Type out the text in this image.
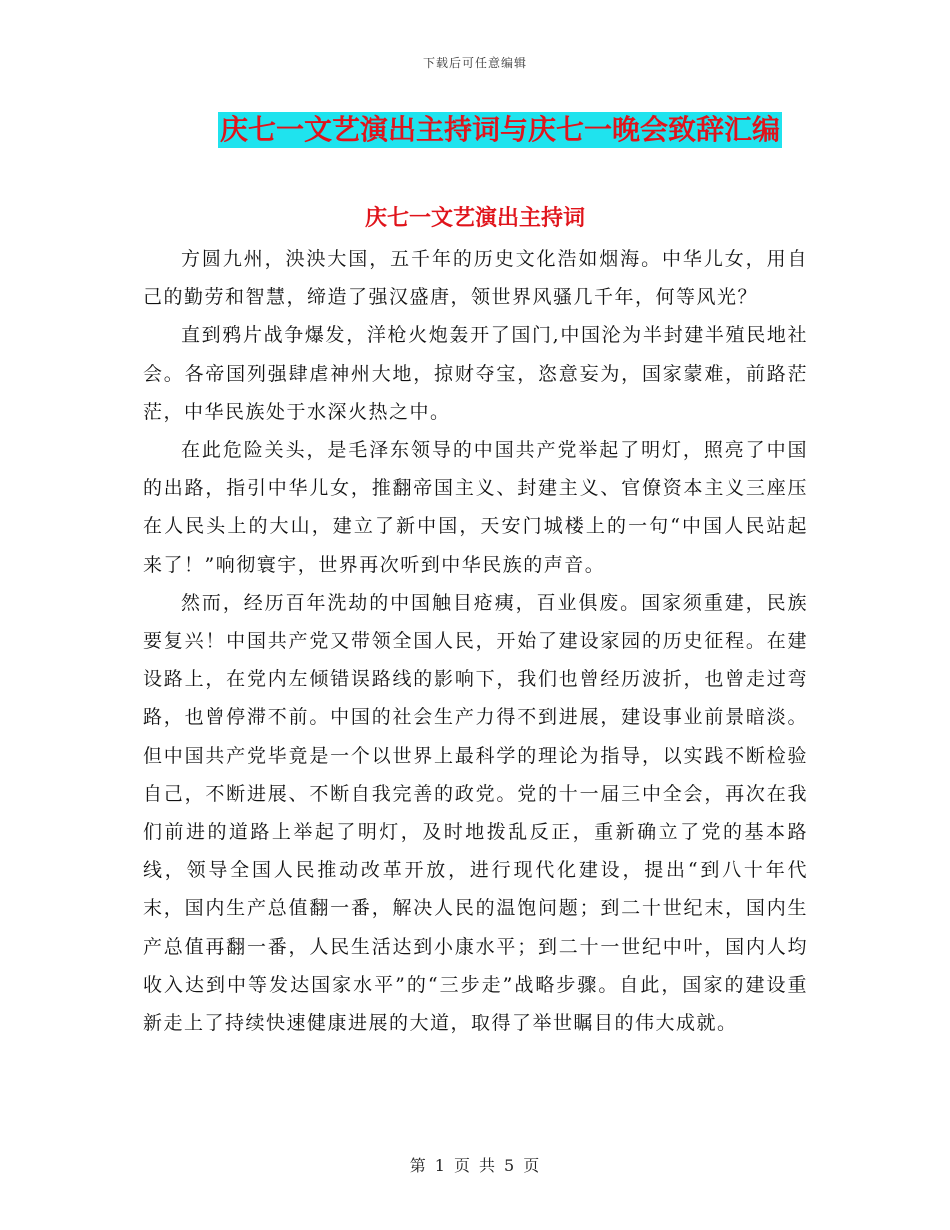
下载后可任意编辑
庆七一文艺演出主持词与庆七一晚会致辞汇编
庆七一文艺演出主持词

方圆九州，泱泱大国，五千年的历史文化浩如烟海。中华儿女，用自己的勤劳和智慧，缔造了强汉盛唐，领世界风骚几千年，何等风光？

直到鸦片战争爆发，洋枪火炮轰开了国门,中国沦为半封建半殖民地社会。各帝国列强肆虐神州大地，掠财夺宝，恣意妄为，国家蒙难，前路茫茫，中华民族处于水深火热之中。

在此危险关头，是毛泽东领导的中国共产党举起了明灯，照亮了中国的出路，指引中华儿女，推翻帝国主义、封建主义、官僚资本主义三座压在人民头上的大山，建立了新中国，天安门城楼上的一句“中国人民站起来了！”响彻寰宇，世界再次听到中华民族的声音。

然而，经历百年洗劫的中国触目疮痍，百业俱废。国家须重建，民族要复兴！中国共产党又带领全国人民，开始了建设家园的历史征程。在建设路上，在党内左倾错误路线的影响下，我们也曾经历波折，也曾走过弯路，也曾停滞不前。中国的社会生产力得不到进展，建设事业前景暗淡。但中国共产党毕竟是一个以世界上最科学的理论为指导，以实践不断检验自己，不断进展、不断自我完善的政党。党的十一届三中全会，再次在我们前进的道路上举起了明灯，及时地拨乱反正，重新确立了党的基本路线，领导全国人民推动改革开放，进行现代化建设，提出“到八十年代末，国内生产总值翻一番，解决人民的温饱问题；到二十世纪末，国内生产总值再翻一番，人民生活达到小康水平；到二十一世纪中叶，国内人均收入达到中等发达国家水平”的“三步走”战略步骤。自此，国家的建设重新走上了持续快速健康进展的大道，取得了举世瞩目的伟大成就。

第 1 页 共 5 页
